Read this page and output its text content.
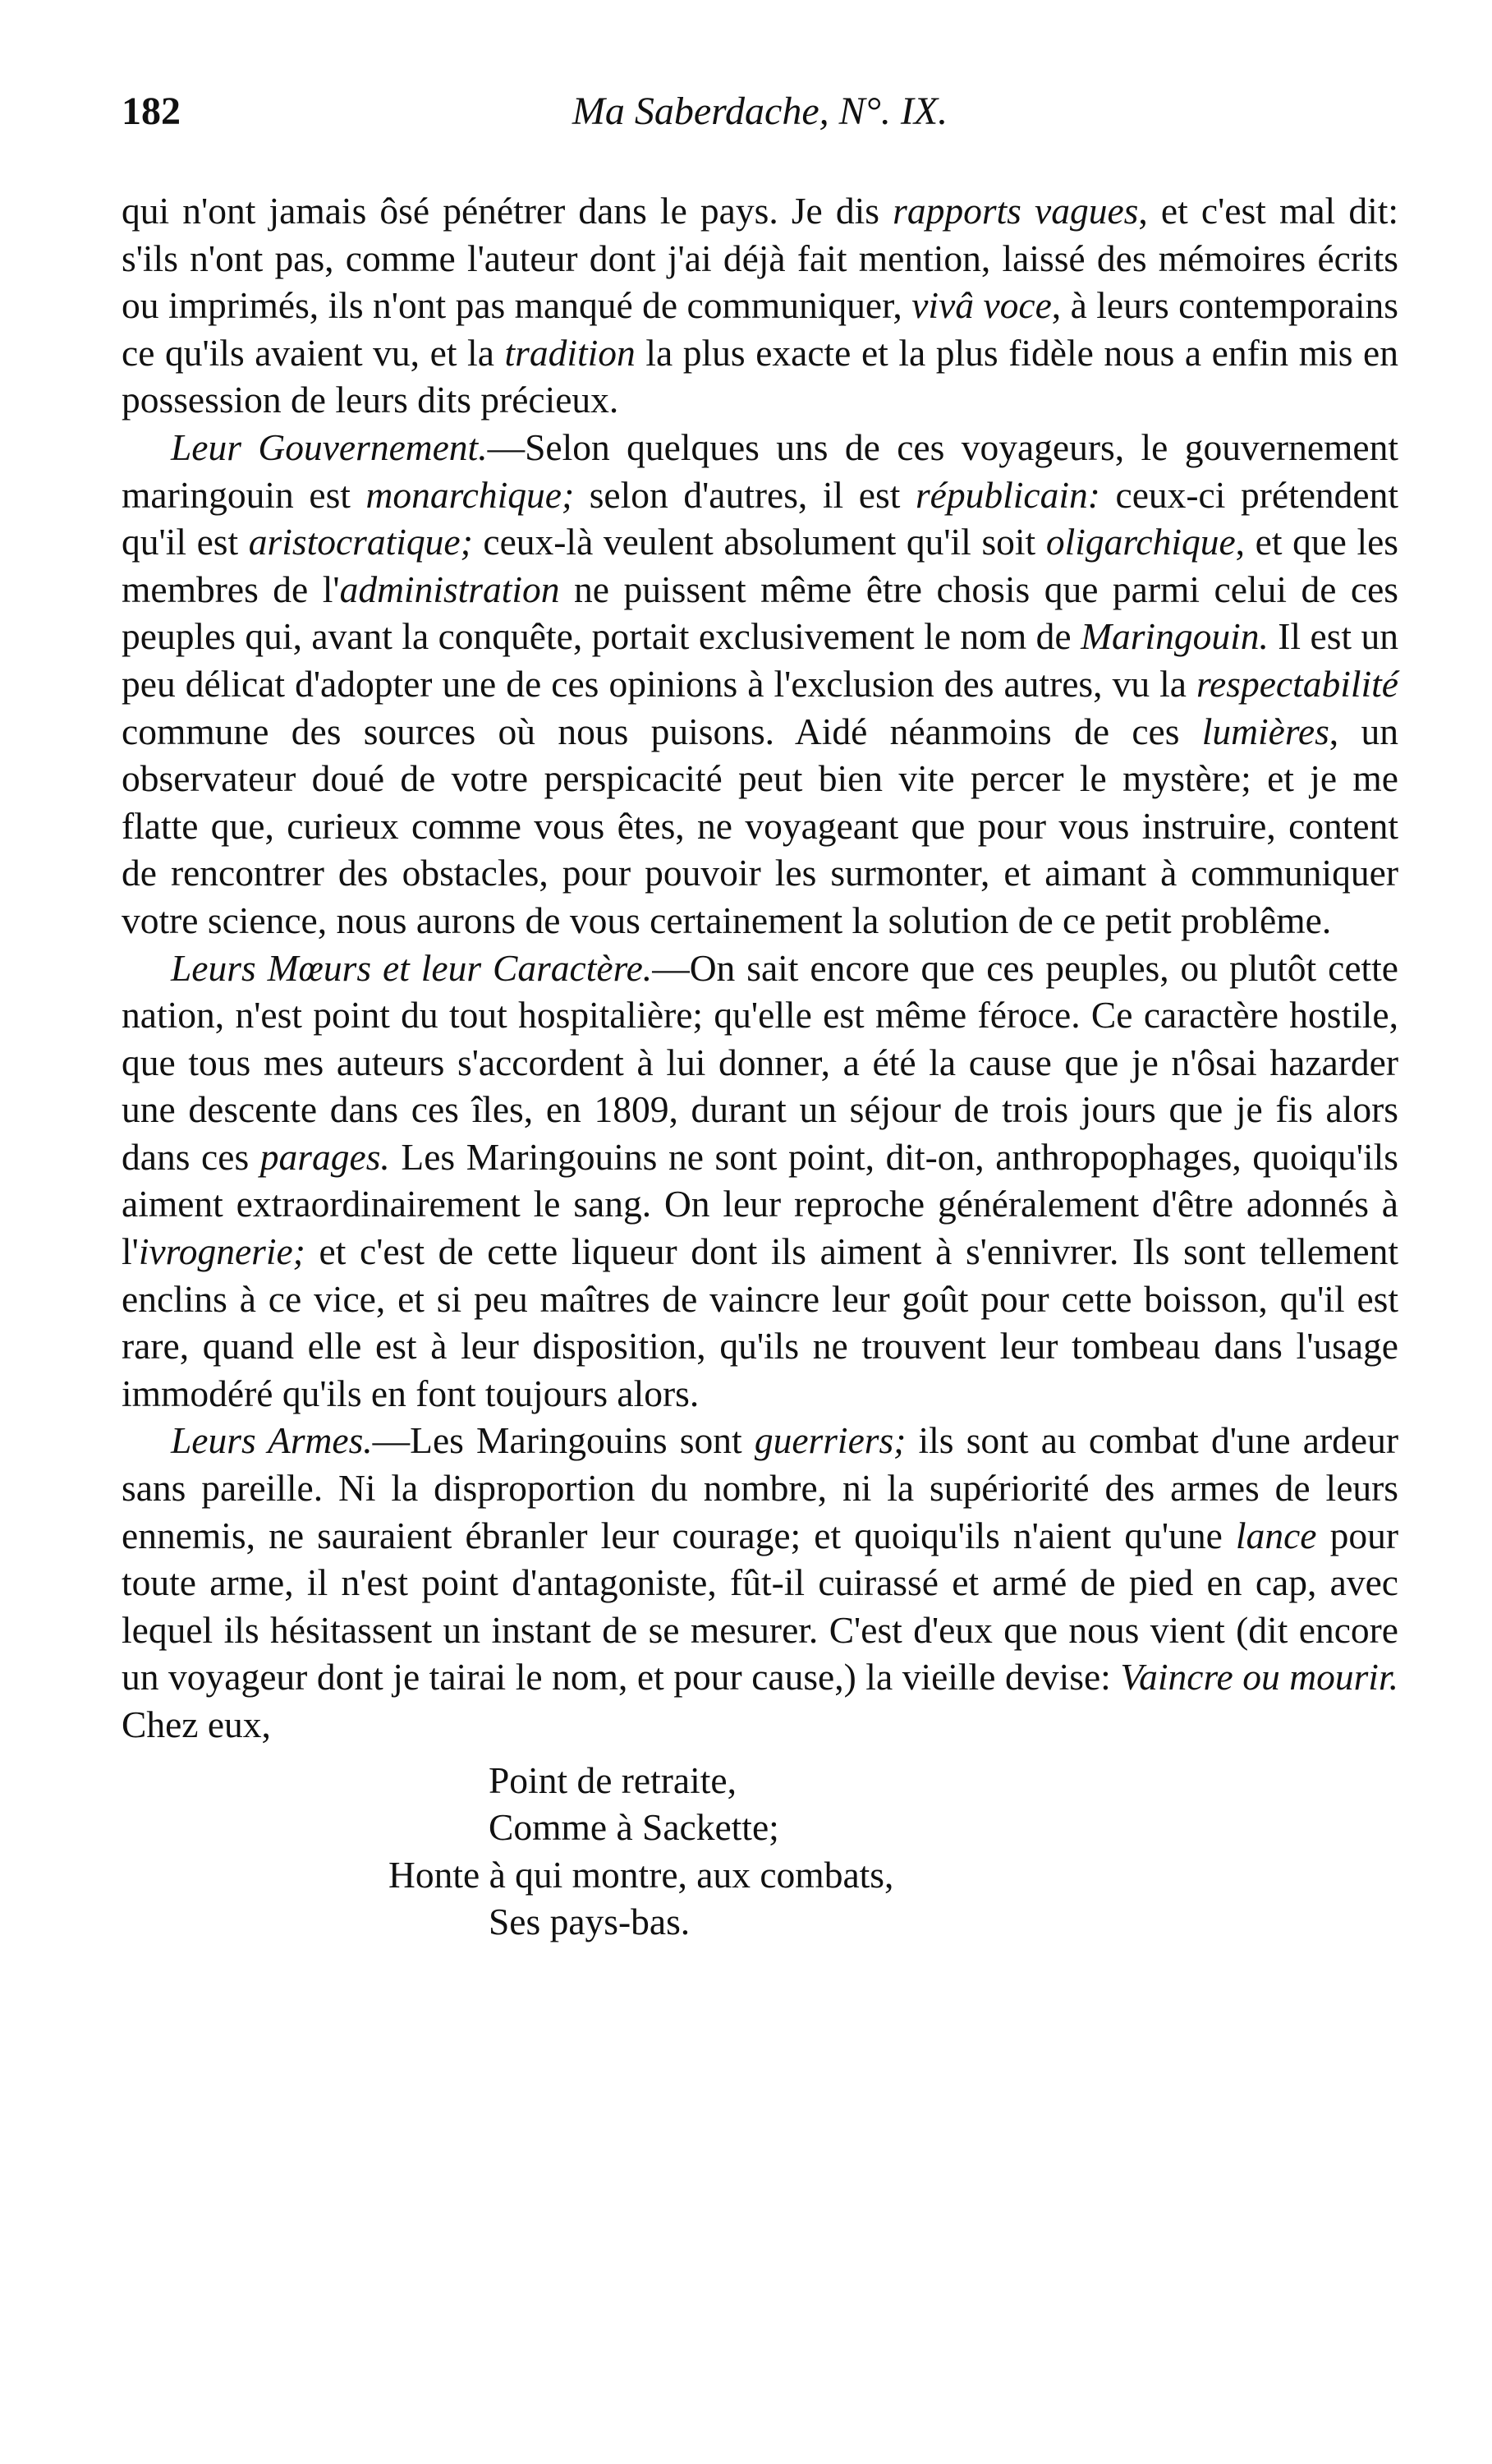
182	Ma Saberdache, N°. IX.

qui n'ont jamais ôsé pénétrer dans le pays. Je dis rapports vagues, et c'est mal dit: s'ils n'ont pas, comme l'auteur dont j'ai déjà fait mention, laissé des mémoires écrits ou imprimés, ils n'ont pas manqué de communiquer, vivâ voce, à leurs contemporains ce qu'ils avaient vu, et la tradition la plus exacte et la plus fidèle nous a enfin mis en possession de leurs dits précieux.

Leur Gouvernement.—Selon quelques uns de ces voyageurs, le gouvernement maringouin est monarchique; selon d'autres, il est républicain: ceux-ci prétendent qu'il est aristocratique; ceux-là veulent absolument qu'il soit oligarchique, et que les membres de l'administration ne puissent même être chosis que parmi celui de ces peuples qui, avant la conquête, portait exclusivement le nom de Maringouin. Il est un peu délicat d'adopter une de ces opinions à l'exclusion des autres, vu la respectabilité commune des sources où nous puisons. Aidé néanmoins de ces lumières, un observateur doué de votre perspicacité peut bien vite percer le mystère; et je me flatte que, curieux comme vous êtes, ne voyageant que pour vous instruire, content de rencontrer des obstacles, pour pouvoir les surmonter, et aimant à communiquer votre science, nous aurons de vous certainement la solution de ce petit problême.

Leurs Mœurs et leur Caractère.—On sait encore que ces peuples, ou plutôt cette nation, n'est point du tout hospitalière; qu'elle est même féroce. Ce caractère hostile, que tous mes auteurs s'accordent à lui donner, a été la cause que je n'ôsai hazarder une descente dans ces îles, en 1809, durant un séjour de trois jours que je fis alors dans ces parages. Les Maringouins ne sont point, dit-on, anthropophages, quoiqu'ils aiment extraordinairement le sang. On leur reproche généralement d'être adonnés à l'ivrognerie; et c'est de cette liqueur dont ils aiment à s'ennivrer. Ils sont tellement enclins à ce vice, et si peu maîtres de vaincre leur goût pour cette boisson, qu'il est rare, quand elle est à leur disposition, qu'ils ne trouvent leur tombeau dans l'usage immodéré qu'ils en font toujours alors.

Leurs Armes.—Les Maringouins sont guerriers; ils sont au combat d'une ardeur sans pareille. Ni la disproportion du nombre, ni la supériorité des armes de leurs ennemis, ne sauraient ébranler leur courage; et quoiqu'ils n'aient qu'une lance pour toute arme, il n'est point d'antagoniste, fût-il cuirassé et armé de pied en cap, avec lequel ils hésitassent un instant de se mesurer. C'est d'eux que nous vient (dit encore un voyageur dont je tairai le nom, et pour cause,) la vieille devise: Vaincre ou mourir. Chez eux,

Point de retraite,
Comme à Sackette;
Honte à qui montre, aux combats,
Ses pays-bas.
